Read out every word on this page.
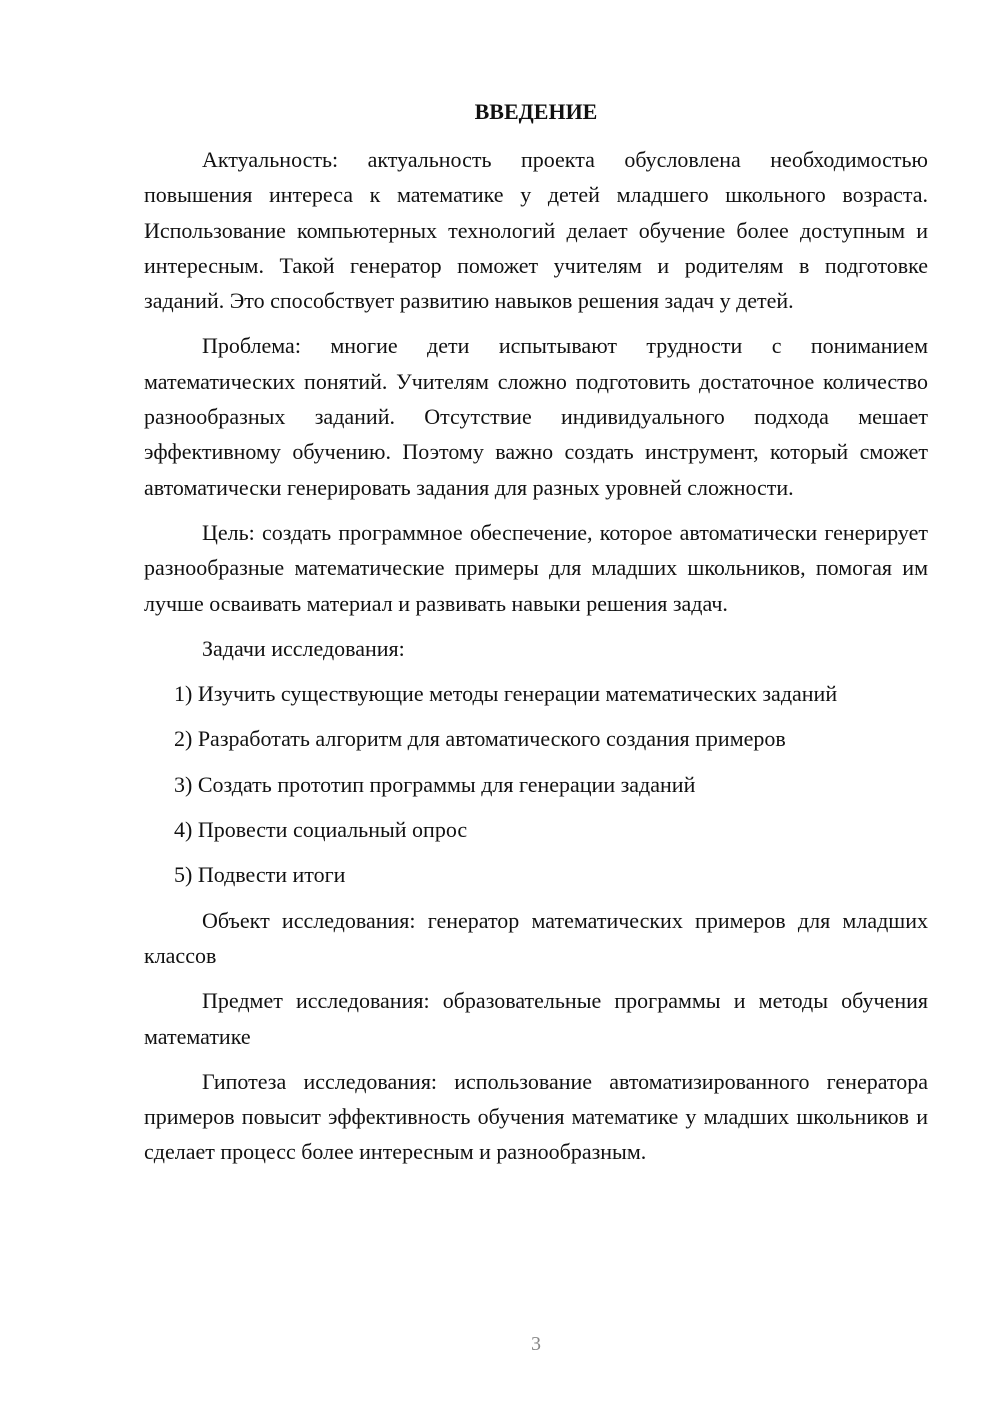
ВВЕДЕНИЕ

Актуальность: актуальность проекта обусловлена необходимостью повышения интереса к математике у детей младшего школьного возраста. Использование компьютерных технологий делает обучение более доступным и интересным. Такой генератор поможет учителям и родителям в подготовке заданий. Это способствует развитию навыков решения задач у детей.

Проблема: многие дети испытывают трудности с пониманием математических понятий. Учителям сложно подготовить достаточное количество разнообразных заданий. Отсутствие индивидуального подхода мешает эффективному обучению. Поэтому важно создать инструмент, который сможет автоматически генерировать задания для разных уровней сложности.

Цель: создать программное обеспечение, которое автоматически генерирует разнообразные математические примеры для младших школьников, помогая им лучше осваивать материал и развивать навыки решения задач.

Задачи исследования:

1) Изучить существующие методы генерации математических заданий
2) Разработать алгоритм для автоматического создания примеров
3) Создать прототип программы для генерации заданий
4) Провести социальный опрос
5) Подвести итоги

Объект исследования: генератор математических примеров для младших классов

Предмет исследования: образовательные программы и методы обучения математике

Гипотеза исследования: использование автоматизированного генератора примеров повысит эффективность обучения математике у младших школьников и сделает процесс более интересным и разнообразным.

3
